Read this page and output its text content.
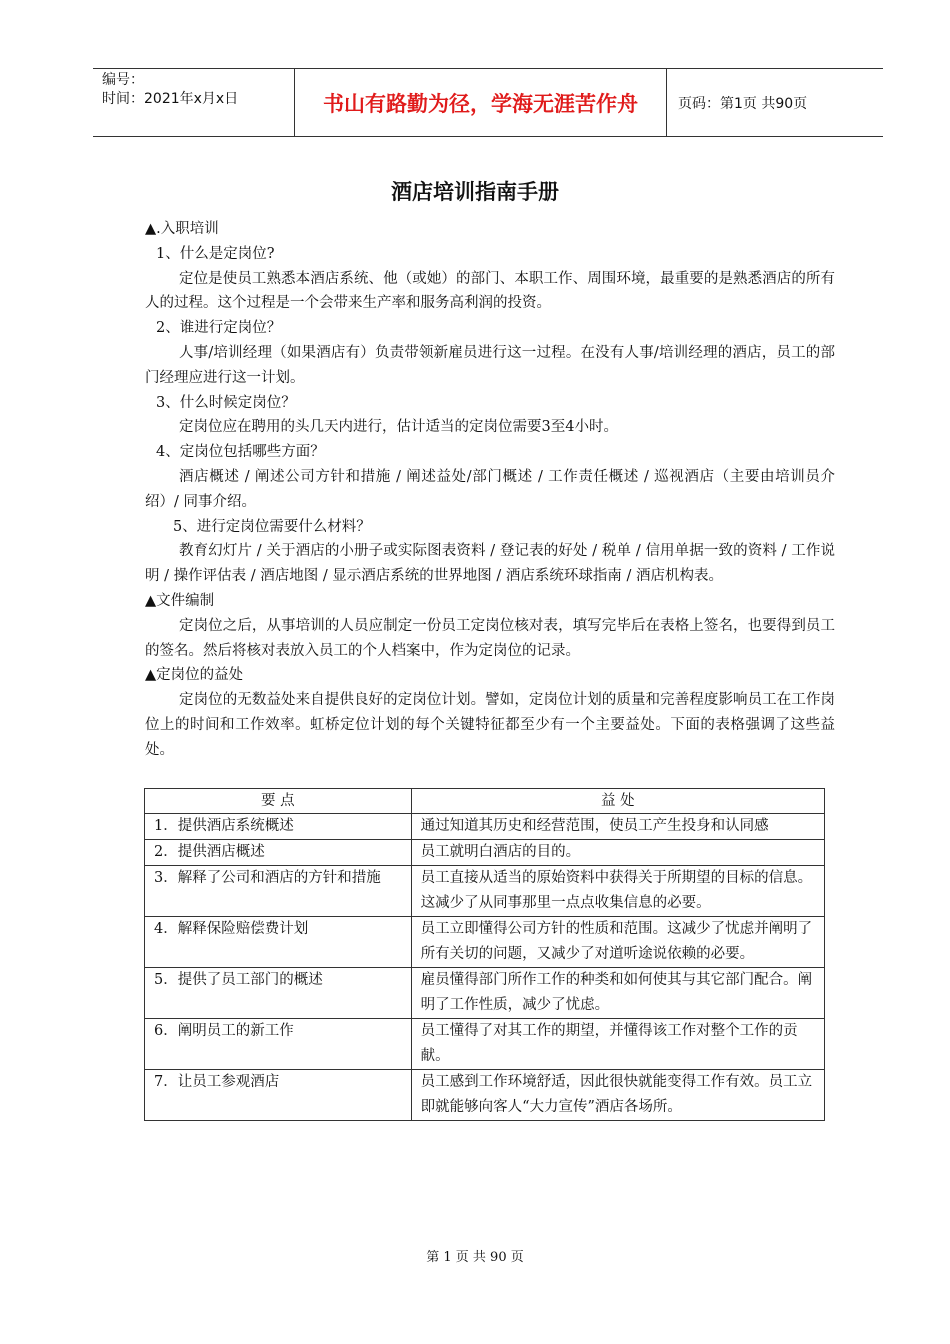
编号：
时间：2021年x月x日	书山有路勤为径，学海无涯苦作舟	页码：第1页 共90页
酒店培训指南手册

▲.入职培训

1、什么是定岗位?

定位是使员工熟悉本酒店系统、他（或她）的部门、本职工作、周围环境，最重要的是熟悉酒店的所有人的过程。这个过程是一个会带来生产率和服务高利润的投资。

2、谁进行定岗位？

人事/培训经理（如果酒店有）负责带领新雇员进行这一过程。在没有人事/培训经理的酒店，员工的部门经理应进行这一计划。

3、什么时候定岗位？

定岗位应在聘用的头几天内进行，估计适当的定岗位需要3至4小时。

4、定岗位包括哪些方面？

酒店概述 / 阐述公司方针和措施 / 阐述益处/部门概述 / 工作责任概述 / 巡视酒店（主要由培训员介绍）/ 同事介绍。

5、进行定岗位需要什么材料？

教育幻灯片 / 关于酒店的小册子或实际图表资料 / 登记表的好处 / 税单 / 信用单据一致的资料 / 工作说明 / 操作评估表 / 酒店地图 / 显示酒店系统的世界地图 / 酒店系统环球指南 / 酒店机构表。

▲文件编制

定岗位之后，从事培训的人员应制定一份员工定岗位核对表，填写完毕后在表格上签名，也要得到员工的签名。然后将核对表放入员工的个人档案中，作为定岗位的记录。

▲定岗位的益处

定岗位的无数益处来自提供良好的定岗位计划。譬如，定岗位计划的质量和完善程度影响员工在工作岗位上的时间和工作效率。虹桥定位计划的每个关键特征都至少有一个主要益处。下面的表格强调了这些益处。

要 点	益 处
1．提供酒店系统概述	通过知道其历史和经营范围，使员工产生投身和认同感
2．提供酒店概述	员工就明白酒店的目的。
3．解释了公司和酒店的方针和措施	员工直接从适当的原始资料中获得关于所期望的目标的信息。这减少了从同事那里一点点收集信息的必要。
4．解释保险赔偿费计划	员工立即懂得公司方针的性质和范围。这减少了忧虑并阐明了所有关切的问题，又减少了对道听途说依赖的必要。
5．提供了员工部门的概述	雇员懂得部门所作工作的种类和如何使其与其它部门配合。阐明了工作性质，减少了忧虑。
6．阐明员工的新工作	员工懂得了对其工作的期望，并懂得该工作对整个工作的贡献。
7．让员工参观酒店	员工感到工作环境舒适，因此很快就能变得工作有效。员工立即就能够向客人“大力宣传”酒店各场所。
第 1 页 共 90 页
